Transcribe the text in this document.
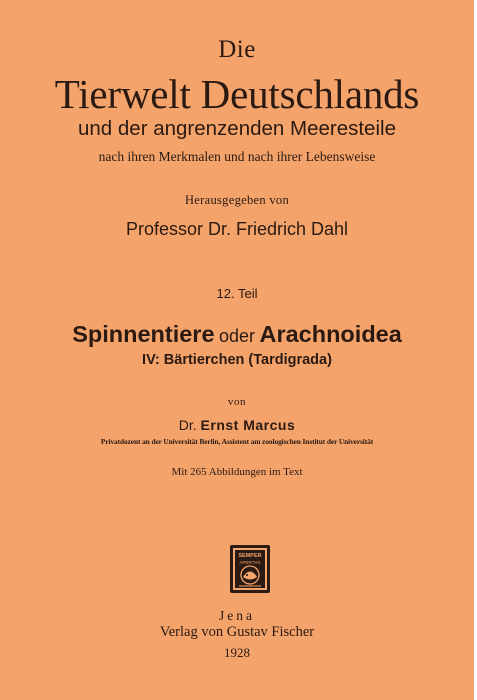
Die
Tierwelt Deutschlands
und der angrenzenden Meeresteile
nach ihren Merkmalen und nach ihrer Lebensweise
Herausgegeben von
Professor Dr. Friedrich Dahl
12. Teil
Spinnentiere oder Arachnoidea
IV: Bärtierchen (Tardigrada)
von
Dr. Ernst Marcus
Privatdozent an der Universität Berlin, Assistent am zoologischen Institut der Universität
Mit 265 Abbildungen im Text
SEMPER
APERTVS
Jena
Verlag von Gustav Fischer
1928
